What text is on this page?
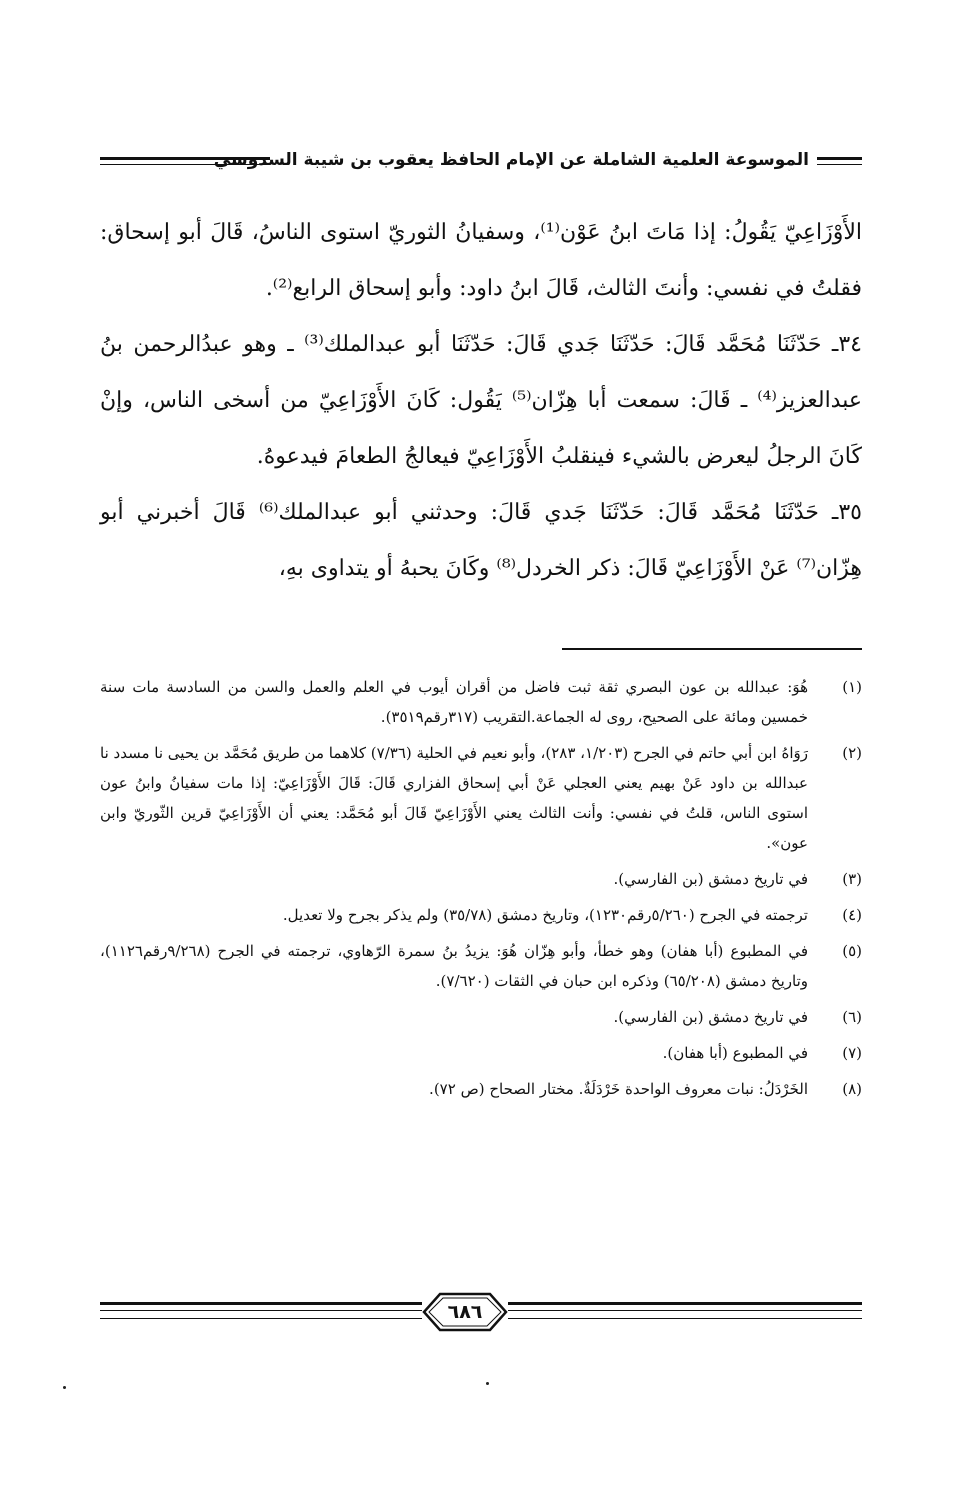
الموسوعة العلمية الشاملة عن الإمام الحافظ يعقوب بن شيبة السدوسي

الأَوْزَاعِيّ يَقُولُ: إذا مَاتَ ابنُ عَوْن⁽¹⁾، وسفيانُ الثوريّ استوى الناسُ، قَالَ أبو إسحاق: فقلتُ في نفسي: وأنتَ الثالث، قَالَ ابنُ داود: وأبو إسحاق الرابع⁽²⁾.

٣٤ـ حَدّثَنَا مُحَمَّد قَالَ: حَدّثَنَا جَدي قَالَ: حَدّثَنَا أبو عبدالملك⁽³⁾ ـ وهو عبدُالرحمن بنُ عبدالعزيز⁽⁴⁾ ـ قَالَ: سمعت أبا هِزّان⁽⁵⁾ يَقُول: كَانَ الأَوْزَاعِيّ من أسخى الناس، وإنْ كَانَ الرجلُ ليعرض بالشيء فينقلبُ الأَوْزَاعِيّ فيعالجُ الطعامَ فيدعوهُ.

٣٥ـ حَدّثَنَا مُحَمَّد قَالَ: حَدّثَنَا جَدي قَالَ: وحدثني أبو عبدالملك⁽⁶⁾ قَالَ أخبرني أبو هِزّان⁽⁷⁾ عَنْ الأَوْزَاعِيّ قَالَ: ذكر الخردل⁽⁸⁾ وكَانَ يحبهُ أو يتداوى بهِ،

(١)
هُوَ: عبدالله بن عون البصري ثقة ثبت فاضل من أقران أيوب في العلم والعمل والسن من السادسة مات سنة خمسين ومائة على الصحيح، روى له الجماعة.التقريب (٣١٧رقم٣٥١٩).
(٢)
رَوَاهُ ابن أبي حاتم في الجرح (١/٢٠٣، ٢٨٣)، وأبو نعيم في الحلية (٧/٣٦) كلاهما من طريق مُحَمَّد بن يحيى نا مسدد نا عبدالله بن داود عَنْ بهيم يعني العجلي عَنْ أبي إسحاق الفزاري قَالَ: قَالَ الأَوْزَاعِيّ: إذا مات سفيانُ وابنُ عون استوى الناس، قلتُ في نفسي: وأنت الثالث يعني الأَوْزَاعِيّ قَالَ أبو مُحَمَّد: يعني أن الأَوْزَاعِيّ قرين الثّوريّ وابن عون».
(٣)
في تاريخ دمشق (بن الفارسي).
(٤)
ترجمته في الجرح (٥/٢٦٠رقم١٢٣٠)، وتاريخ دمشق (٣٥/٧٨) ولم يذكر بجرح ولا تعديل.
(٥)
في المطبوع (أبا هفان) وهو خطأ، وأبو هِزّان هُوَ: يزيدُ بنُ سمرة الرّهاوي، ترجمته في الجرح (٩/٢٦٨رقم١١٢٦)، وتاريخ دمشق (٦٥/٢٠٨) وذكره ابن حبان في الثقات (٧/٦٢٠).
(٦)
في تاريخ دمشق (بن الفارسي).
(٧)
في المطبوع (أبا هفان).
(٨)
الخَرْدَلُ: نبات معروف الواحدة خَرْدَلَةٌ. مختار الصحاح (ص ٧٢).
٦٨٦
